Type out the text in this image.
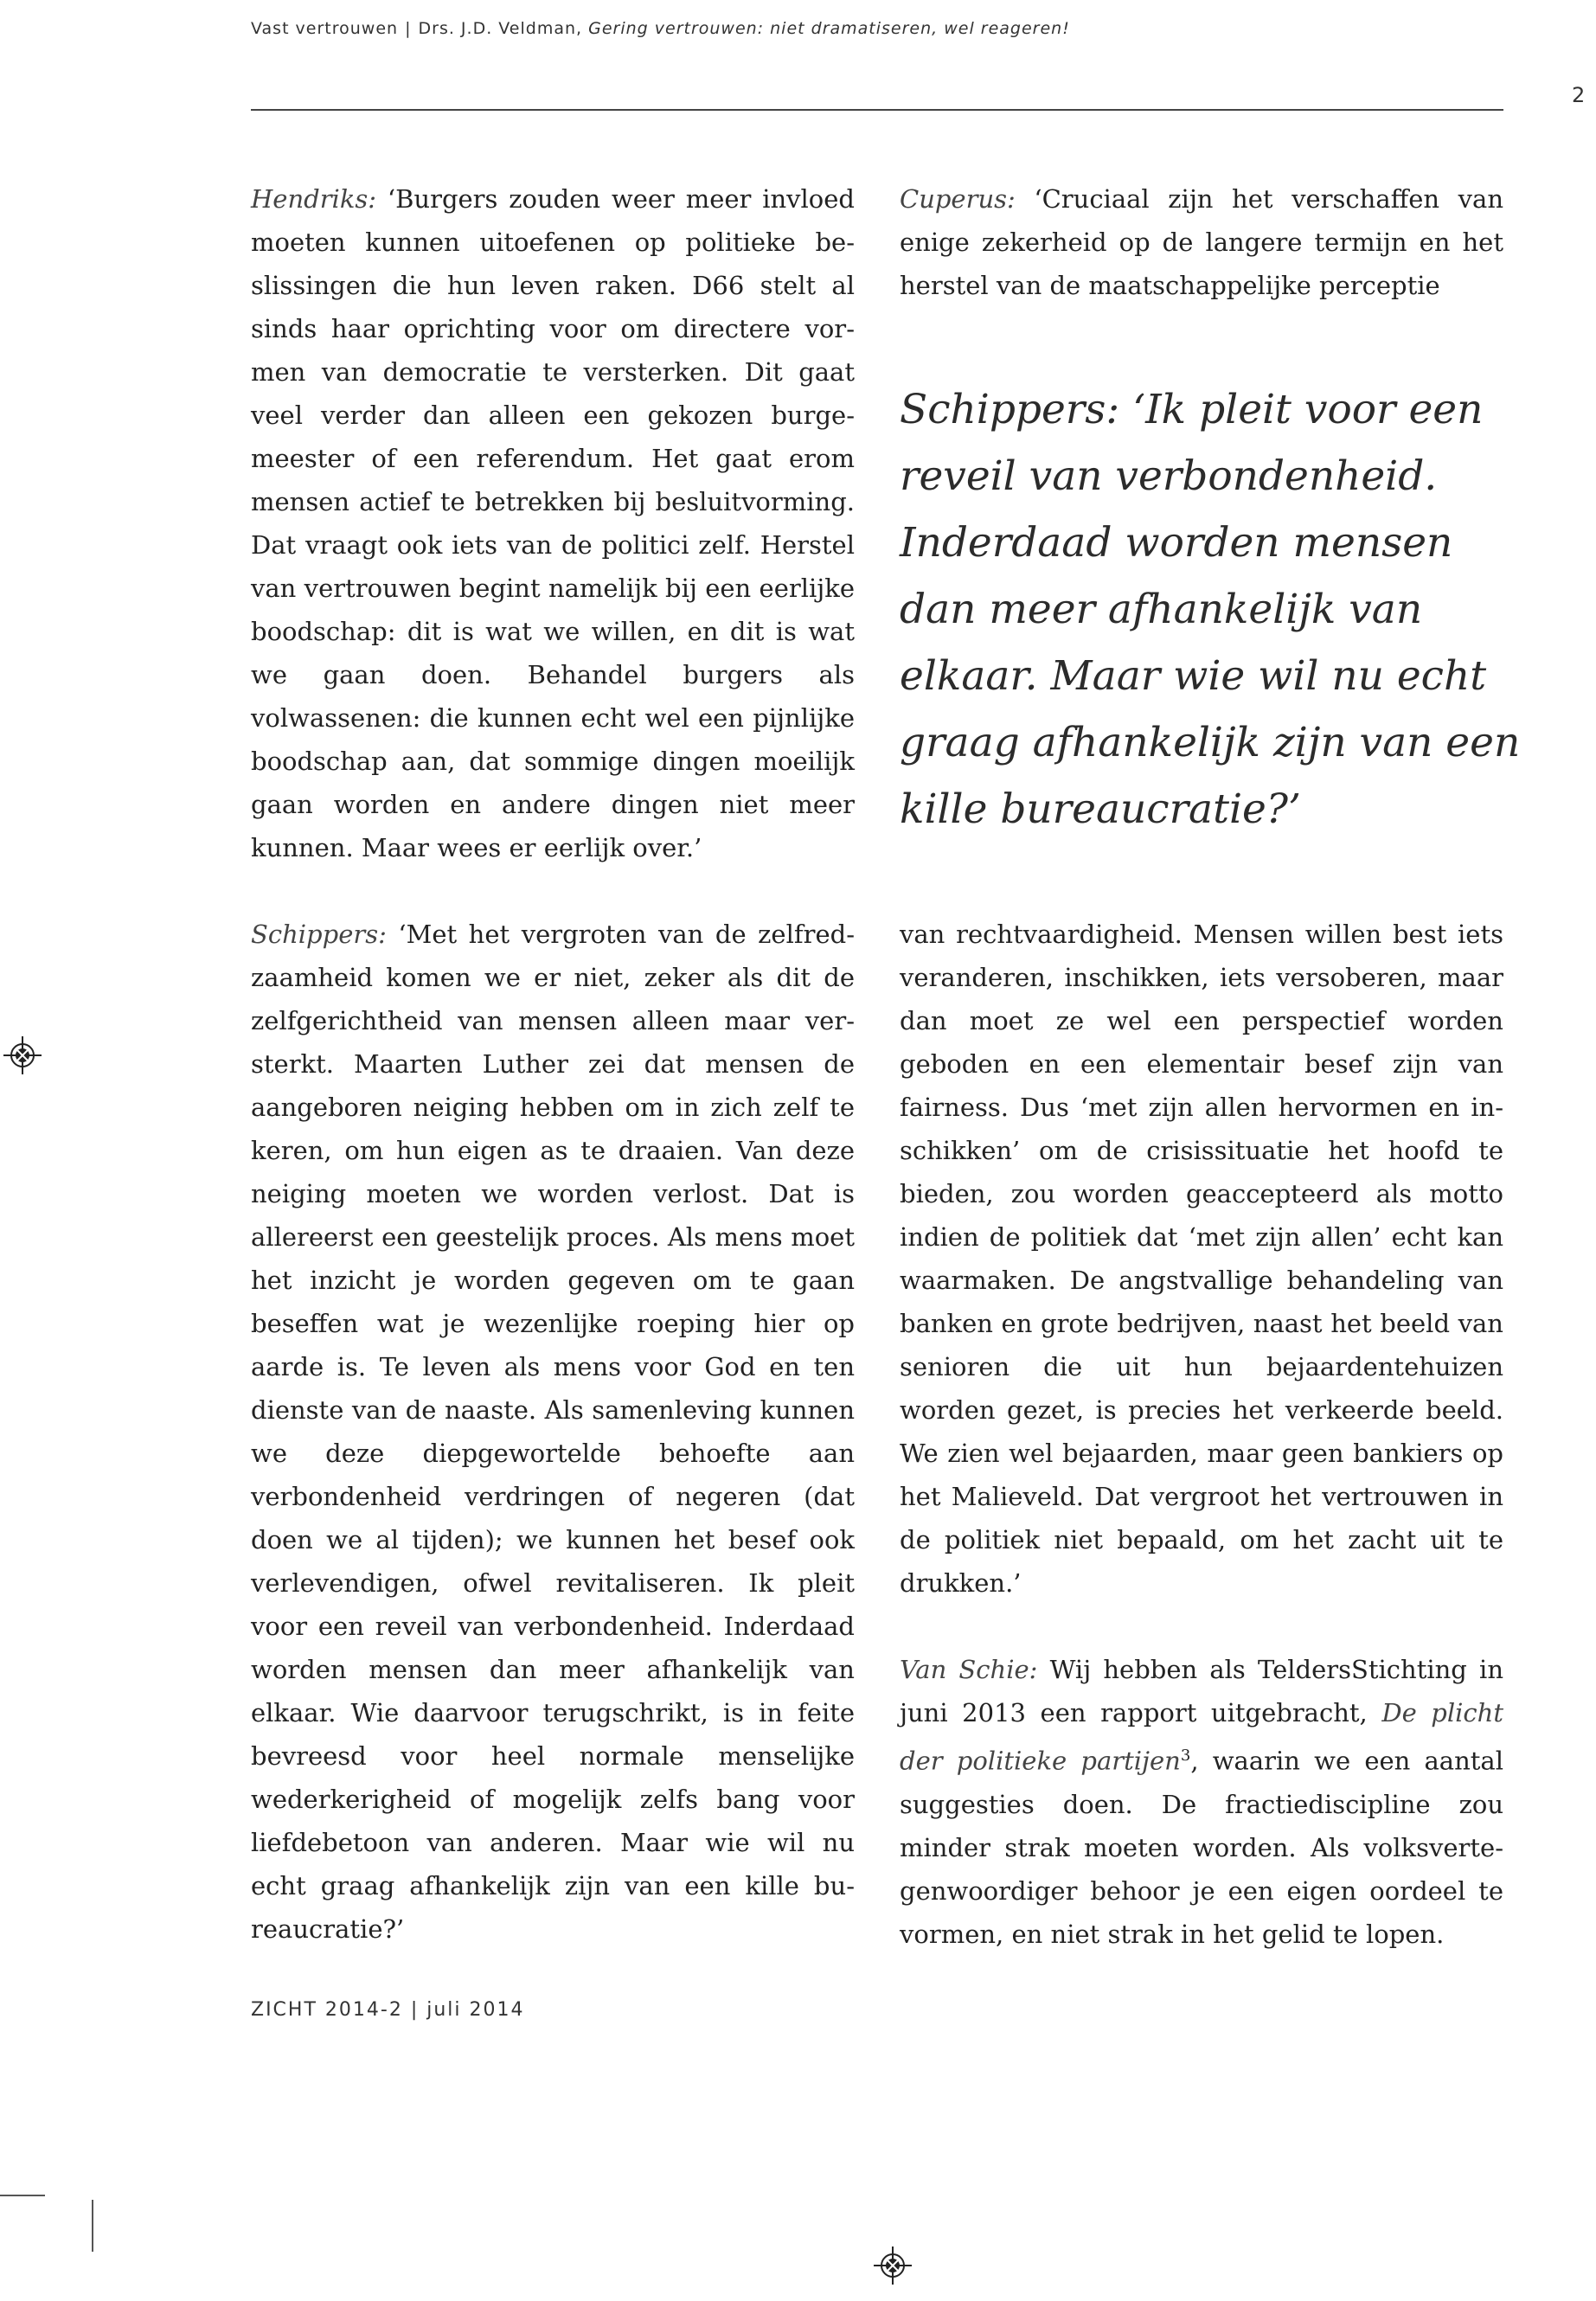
Vast vertrouwen | Drs. J.D. Veldman, Gering vertrouwen: niet dramatiseren, wel reageren!
2

Hendriks: ‘Burgers zouden weer meer invloed moeten kunnen uitoefenen op politieke beslissingen die hun leven raken. D66 stelt al sinds haar oprichting voor om directere vormen van democratie te versterken. Dit gaat veel verder dan alleen een gekozen burgemeester of een referendum. Het gaat erom mensen actief te betrekken bij besluitvorming. Dat vraagt ook iets van de politici zelf. Herstel van vertrouwen begint namelijk bij een eerlijke boodschap: dit is wat we willen, en dit is wat we gaan doen. Behandel burgers als volwassenen: die kunnen echt wel een pijnlijke boodschap aan, dat sommige dingen moeilijk gaan worden en andere dingen niet meer kunnen. Maar wees er eerlijk over.’

Schippers: ‘Met het vergroten van de zelfredzaamheid komen we er niet, zeker als dit de zelfgerichtheid van mensen alleen maar versterkt. Maarten Luther zei dat mensen de aangeboren neiging hebben om in zich zelf te keren, om hun eigen as te draaien. Van deze neiging moeten we worden verlost. Dat is allereerst een geestelijk proces. Als mens moet het inzicht je worden gegeven om te gaan beseffen wat je wezenlijke roeping hier op aarde is. Te leven als mens voor God en ten dienste van de naaste. Als samenleving kunnen we deze diepgewortelde behoefte aan verbondenheid verdringen of negeren (dat doen we al tijden); we kunnen het besef ook verlevendigen, ofwel revitaliseren. Ik pleit voor een reveil van verbondenheid. Inderdaad worden mensen dan meer afhankelijk van elkaar. Wie daarvoor terugschrikt, is in feite bevreesd voor heel normale menselijke wederkerigheid of mogelijk zelfs bang voor liefdebetoon van anderen. Maar wie wil nu echt graag afhankelijk zijn van een kille bureaucratie?’

Cuperus: ‘Cruciaal zijn het verschaffen van enige zekerheid op de langere termijn en het herstel van de maatschappelijke perceptie

Schippers: ‘Ik pleit voor een reveil van verbondenheid. Inderdaad worden mensen dan meer afhankelijk van elkaar. Maar wie wil nu echt graag afhankelijk zijn van een kille bureaucratie?’

van rechtvaardigheid. Mensen willen best iets veranderen, inschikken, iets versoberen, maar dan moet ze wel een perspectief worden geboden en een elementair besef zijn van fairness. Dus ‘met zijn allen hervormen en inschikken’ om de crisissituatie het hoofd te bieden, zou worden geaccepteerd als motto indien de politiek dat ‘met zijn allen’ echt kan waarmaken. De angstvallige behandeling van banken en grote bedrijven, naast het beeld van senioren die uit hun bejaardentehuizen worden gezet, is precies het verkeerde beeld. We zien wel bejaarden, maar geen bankiers op het Malieveld. Dat vergroot het vertrouwen in de politiek niet bepaald, om het zacht uit te drukken.’

Van Schie: Wij hebben als TeldersStichting in juni 2013 een rapport uitgebracht, De plicht der politieke partijen$^3$, waarin we een aantal suggesties doen. De fractiediscipline zou minder strak moeten worden. Als volksvertegenwoordiger behoor je een eigen oordeel te vormen, en niet strak in het gelid te lopen.

ZICHT 2014-2 | juli 2014
